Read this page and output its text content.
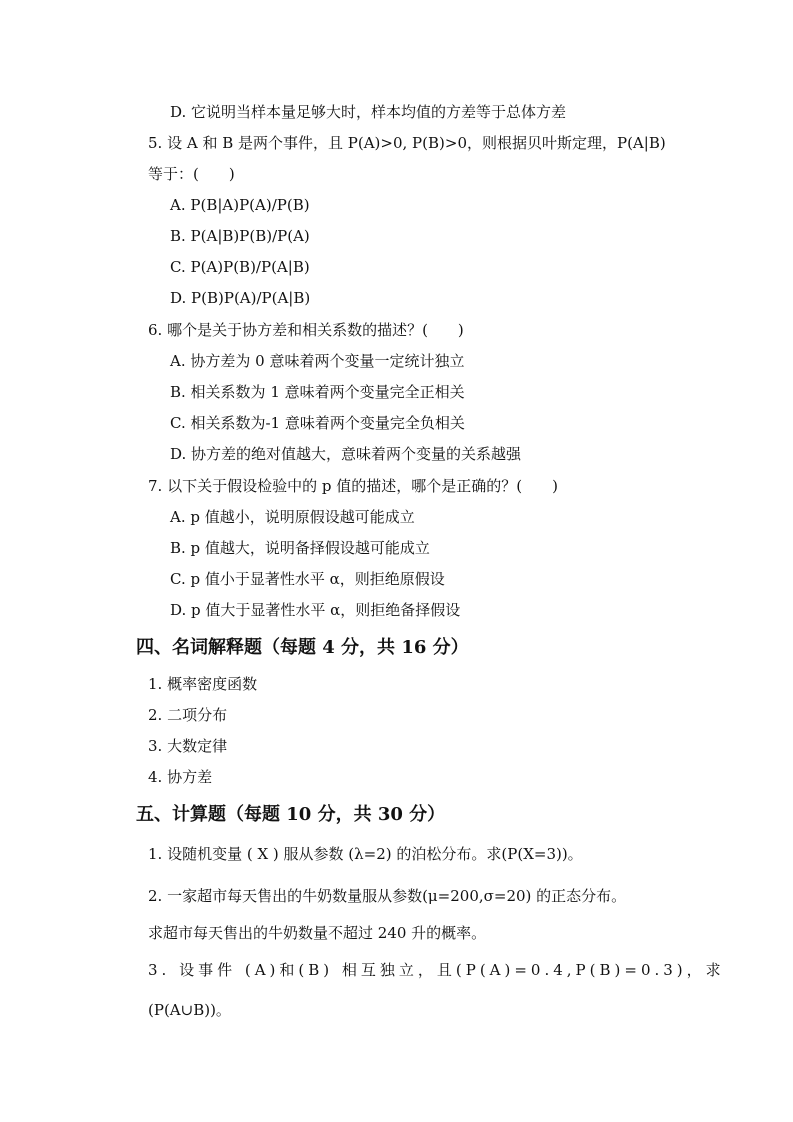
D. 它说明当样本量足够大时，样本均值的方差等于总体方差
5. 设 A 和 B 是两个事件，且 P(A)>0, P(B)>0，则根据贝叶斯定理，P(A|B)
等于：(　　)
A. P(B|A)P(A)/P(B)
B. P(A|B)P(B)/P(A)
C. P(A)P(B)/P(A|B)
D. P(B)P(A)/P(A|B)
6. 哪个是关于协方差和相关系数的描述？(　　)
A. 协方差为 0 意味着两个变量一定统计独立
B. 相关系数为 1 意味着两个变量完全正相关
C. 相关系数为-1 意味着两个变量完全负相关
D. 协方差的绝对值越大，意味着两个变量的关系越强
7. 以下关于假设检验中的 p 值的描述，哪个是正确的？(　　)
A. p 值越小，说明原假设越可能成立
B. p 值越大，说明备择假设越可能成立
C. p 值小于显著性水平 α，则拒绝原假设
D. p 值大于显著性水平 α，则拒绝备择假设
四、名词解释题（每题 4 分，共 16 分）
1. 概率密度函数
2. 二项分布
3. 大数定律
4. 协方差
五、计算题（每题 10 分，共 30 分）
1. 设随机变量 ( X ) 服从参数 (λ=2) 的泊松分布。求(P(X=3))。
2. 一家超市每天售出的牛奶数量服从参数(μ=200,σ=20) 的正态分布。
求超市每天售出的牛奶数量不超过 240 升的概率。
3. 设事件 (A)和(B) 相互独立，且(P(A)=0.4,P(B)=0.3)，求
(P(A∪B))。
